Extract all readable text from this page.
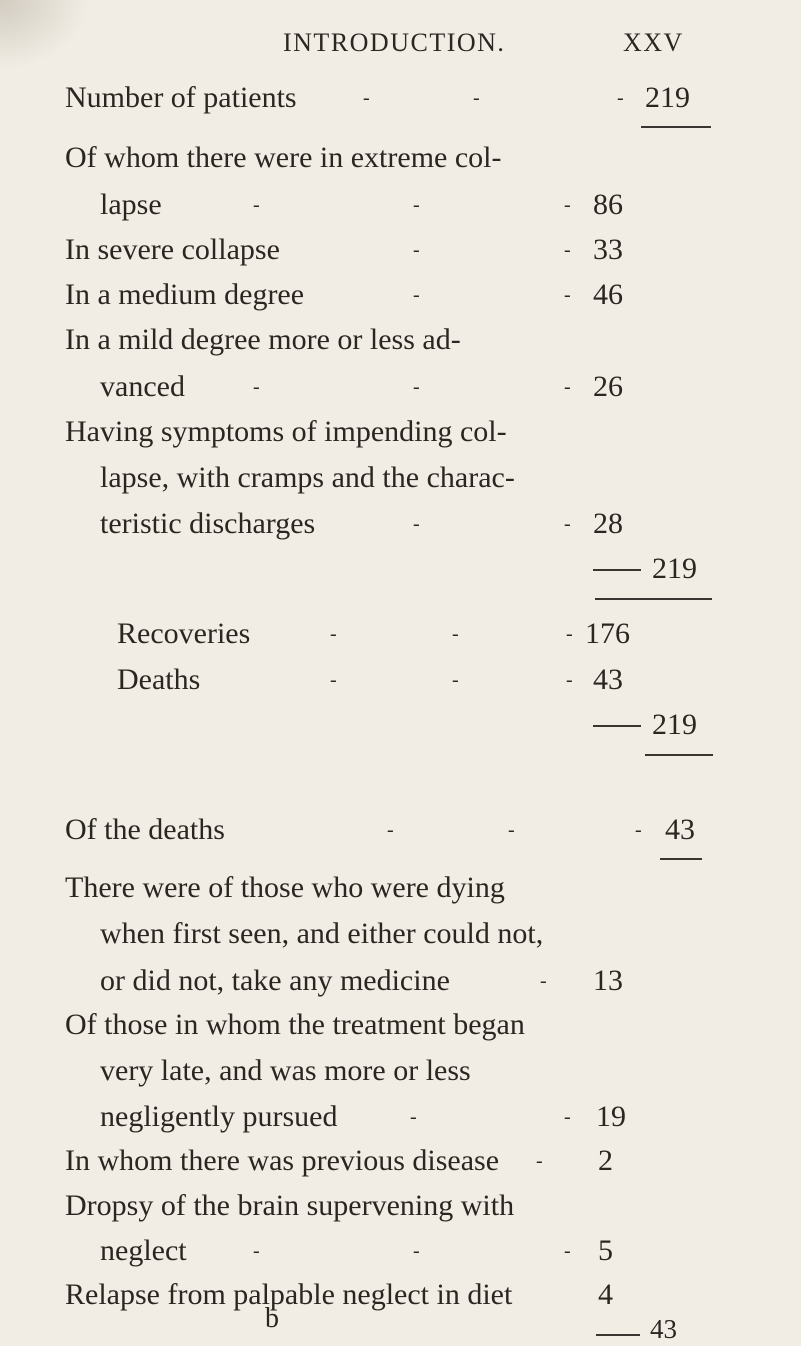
INTRODUCTION.	XXV
Number of patients	-	-	- 219
Of whom there were in extreme col-
lapse	-	-	- 86
In severe collapse	-	- 33
In a medium degree	-	- 46
In a mild degree more or less ad-
vanced	-	-	- 26
Having symptoms of impending col-
lapse, with cramps and the charac-
teristic discharges	-	- 28
219
Recoveries	-	-	- 176
Deaths	-	-	- 43
219
Of the deaths	-	-	- 43
There were of those who were dying
when first seen, and either could not,
or did not, take any medicine	- 13
Of those in whom the treatment began
very late, and was more or less
negligently pursued	-	- 19
In whom there was previous disease - 2
Dropsy of the brain supervening with
neglect	-	-	- 5
Relapse from palpable neglect in diet	4
43
b
